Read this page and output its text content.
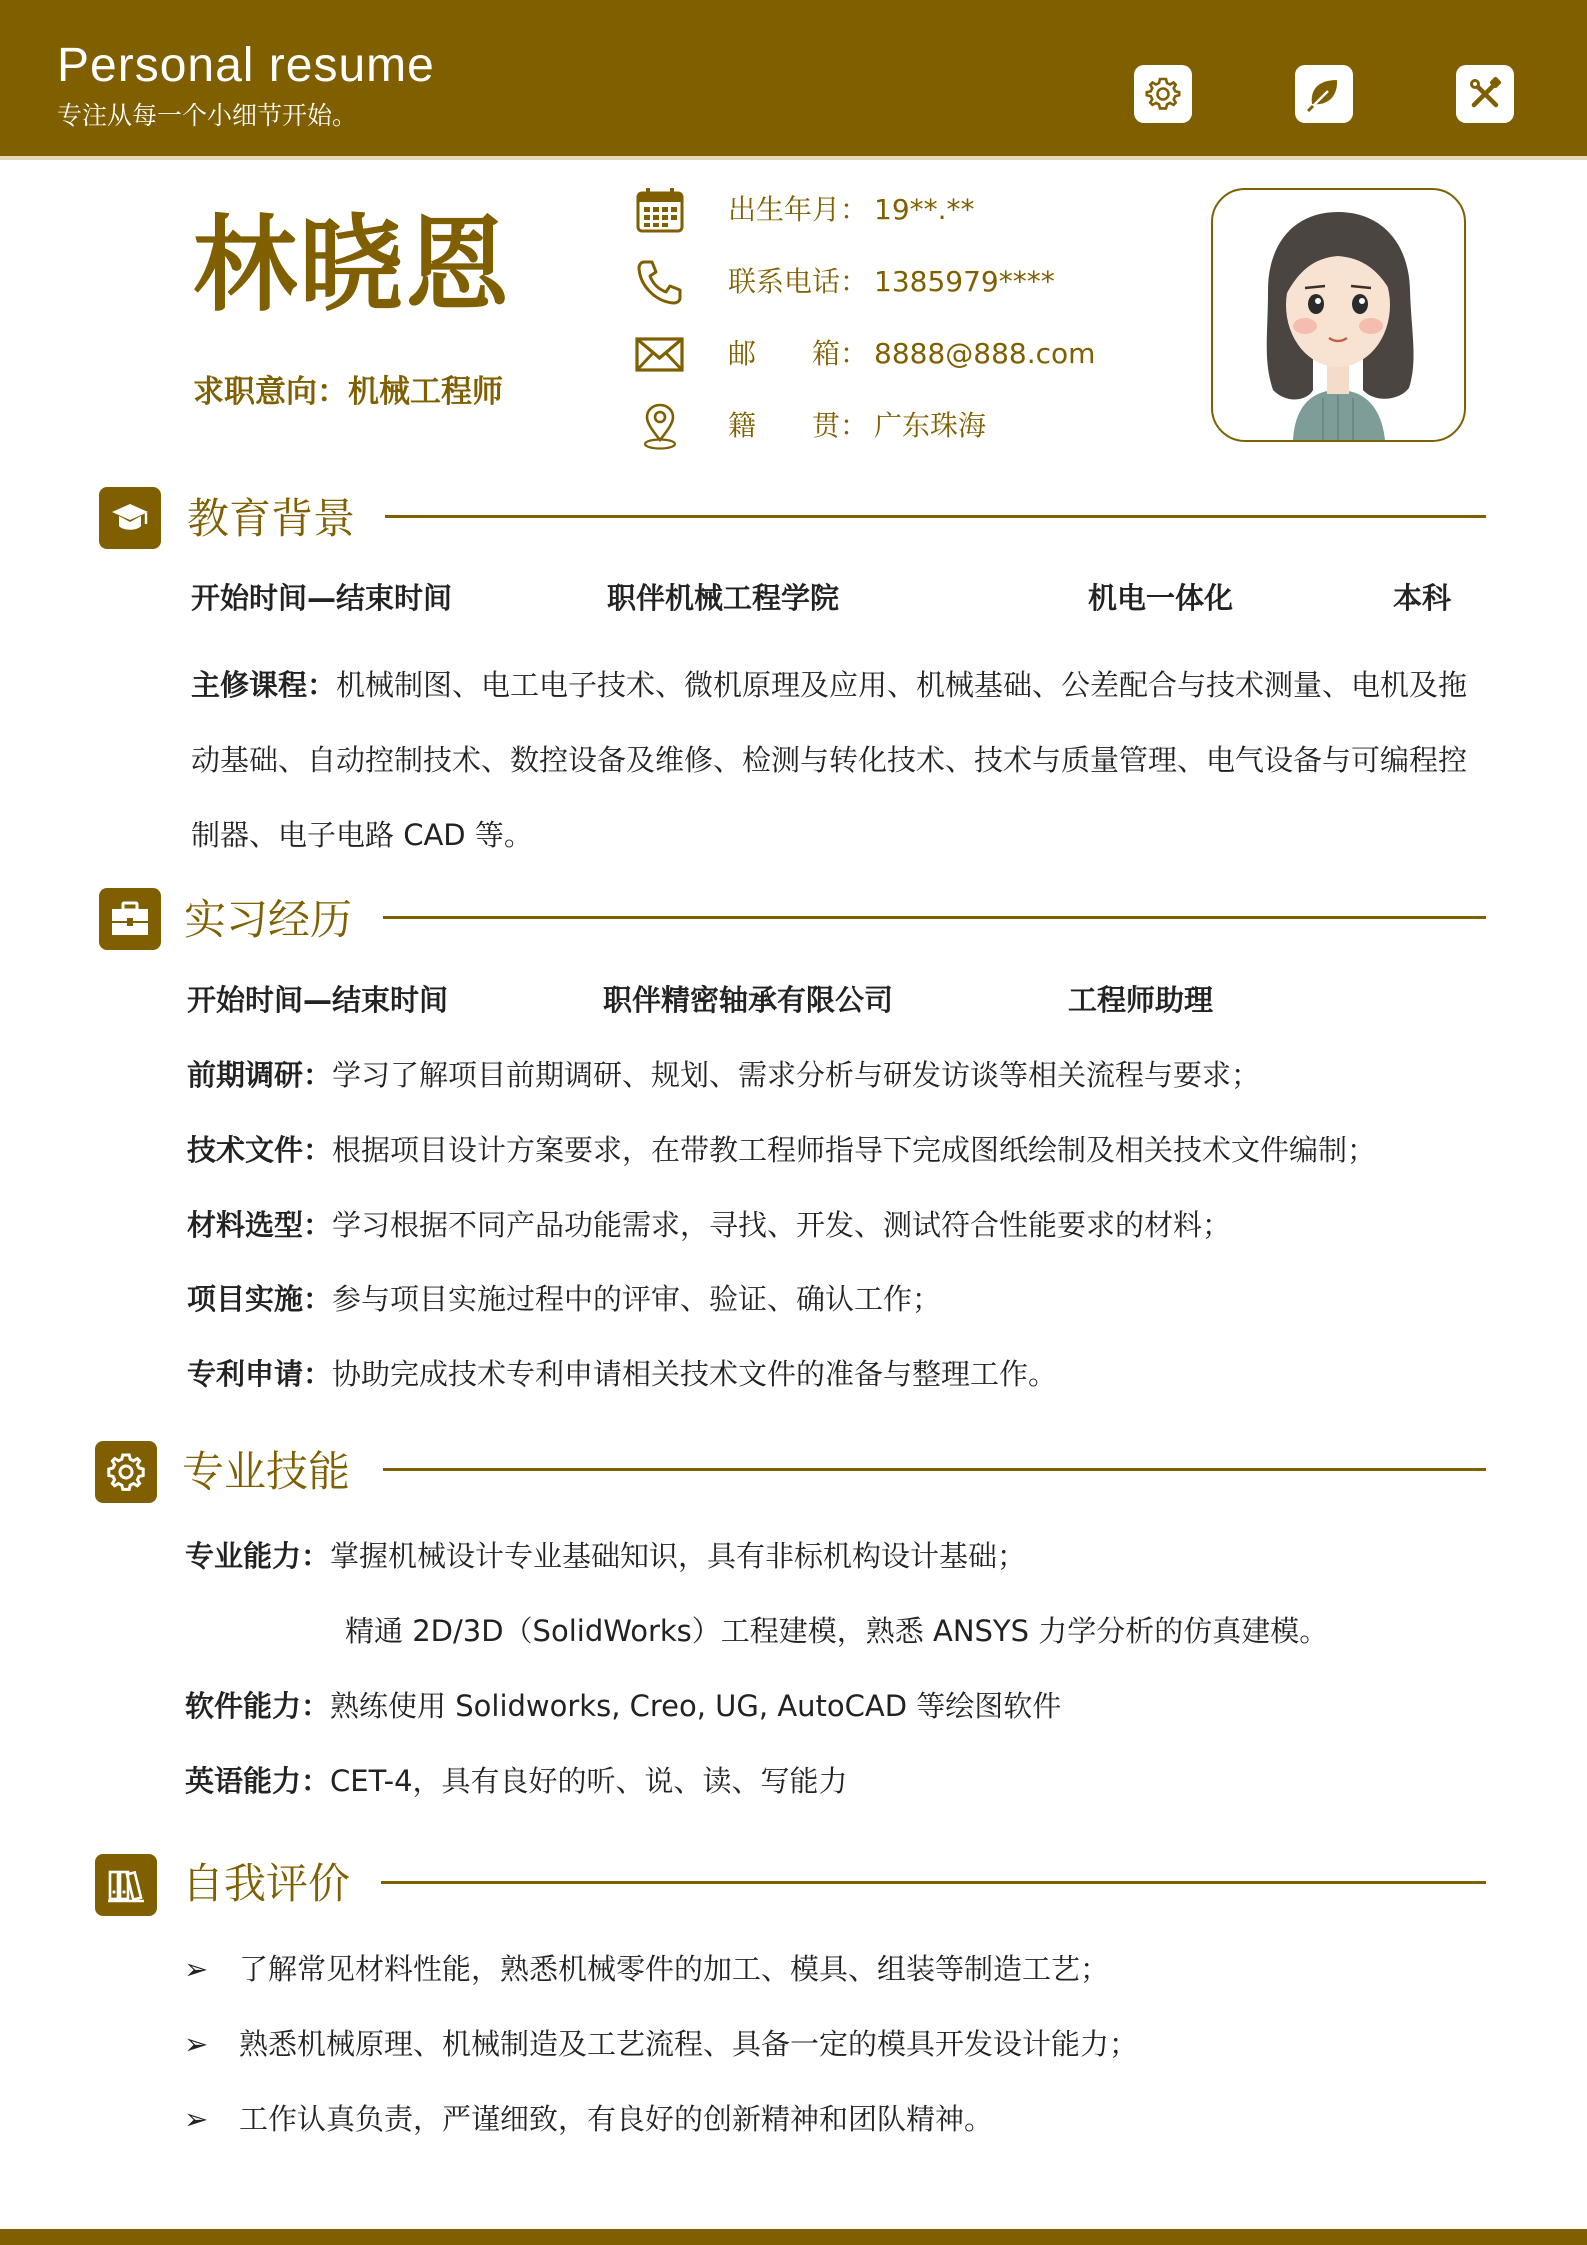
Personal resume
专注从每一个小细节开始。
林晓恩
求职意向：机械工程师
出生年月： 19**.**
联系电话： 1385979****
邮　　箱： 8888@888.com
籍　　贯： 广东珠海
教育背景
开始时间—结束时间	职伴机械工程学院	机电一体化	本科
主修课程：机械制图、电工电子技术、微机原理及应用、机械基础、公差配合与技术测量、电机及拖动基础、自动控制技术、数控设备及维修、检测与转化技术、技术与质量管理、电气设备与可编程控制器、电子电路 CAD 等。
实习经历
开始时间—结束时间	职伴精密轴承有限公司	工程师助理
前期调研：学习了解项目前期调研、规划、需求分析与研发访谈等相关流程与要求；
技术文件：根据项目设计方案要求，在带教工程师指导下完成图纸绘制及相关技术文件编制；
材料选型：学习根据不同产品功能需求，寻找、开发、测试符合性能要求的材料；
项目实施：参与项目实施过程中的评审、验证、确认工作；
专利申请：协助完成技术专利申请相关技术文件的准备与整理工作。
专业技能
专业能力：掌握机械设计专业基础知识，具有非标机构设计基础；
精通 2D/3D（SolidWorks）工程建模，熟悉 ANSYS 力学分析的仿真建模。
软件能力：熟练使用 Solidworks, Creo, UG, AutoCAD 等绘图软件
英语能力：CET-4，具有良好的听、说、读、写能力
自我评价
➢ 了解常见材料性能，熟悉机械零件的加工、模具、组装等制造工艺；
➢ 熟悉机械原理、机械制造及工艺流程、具备一定的模具开发设计能力；
➢ 工作认真负责，严谨细致，有良好的创新精神和团队精神。
